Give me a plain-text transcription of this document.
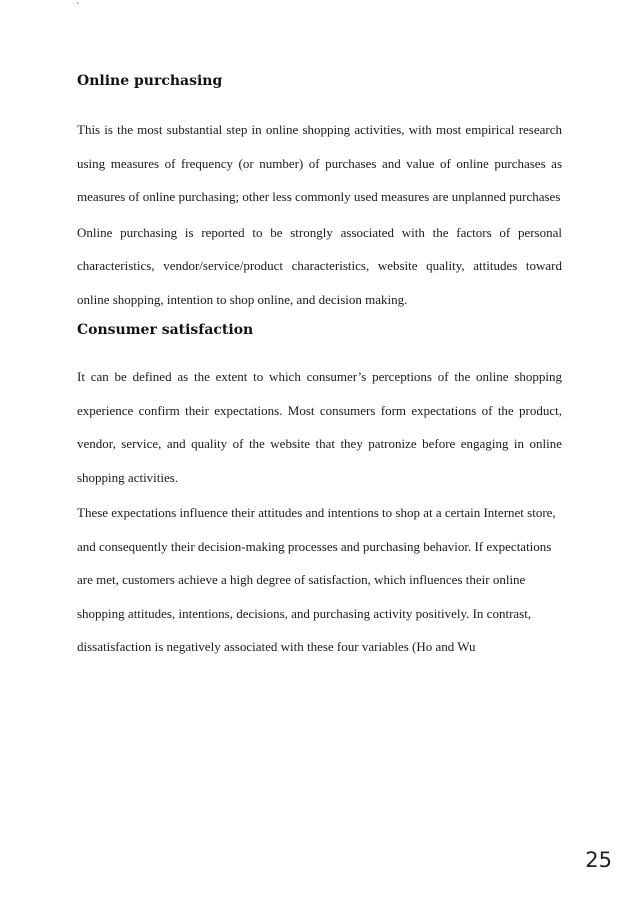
`
Online purchasing

This is the most substantial step in online shopping activities, with most empirical research using measures of frequency (or number) of purchases and value of online purchases as measures of online purchasing; other less commonly used measures are unplanned purchases

Online purchasing is reported to be strongly associated with the factors of personal characteristics, vendor/service/product characteristics, website quality, attitudes toward online shopping, intention to shop online, and decision making.

Consumer satisfaction

It can be defined as the extent to which consumer’s perceptions of the online shopping experience confirm their expectations. Most consumers form expectations of the product, vendor, service, and quality of the website that they patronize before engaging in online shopping activities.

These expectations influence their attitudes and intentions to shop at a certain Internet store, and consequently their decision-making processes and purchasing behavior. If expectations are met, customers achieve a high degree of satisfaction, which influences their online shopping attitudes, intentions, decisions, and purchasing activity positively. In contrast, dissatisfaction is negatively associated with these four variables (Ho and Wu

25
